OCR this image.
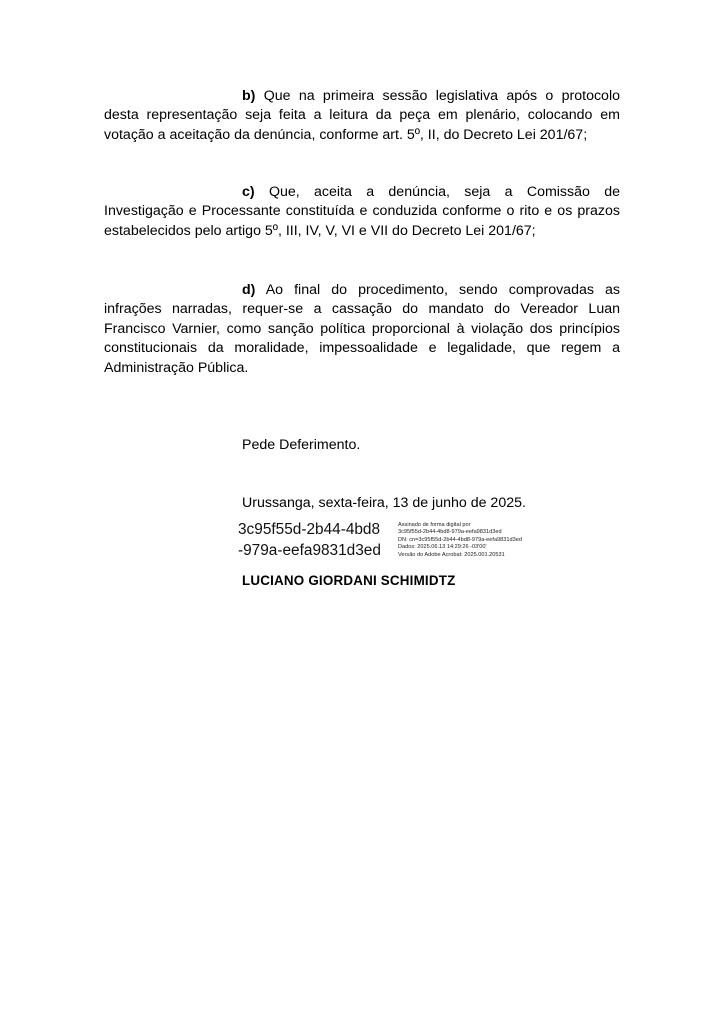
b) Que na primeira sessão legislativa após o protocolo desta representação seja feita a leitura da peça em plenário, colocando em votação a aceitação da denúncia, conforme art. 5º, II, do Decreto Lei 201/67;

c) Que, aceita a denúncia, seja a Comissão de Investigação e Processante constituída e conduzida conforme o rito e os prazos estabelecidos pelo artigo 5º, III, IV, V, VI e VII do Decreto Lei 201/67;

d) Ao final do procedimento, sendo comprovadas as infrações narradas, requer-se a cassação do mandato do Vereador Luan Francisco Varnier, como sanção política proporcional à violação dos princípios constitucionais da moralidade, impessoalidade e legalidade, que regem a Administração Pública.

Pede Deferimento.

Urussanga, sexta-feira, 13 de junho de 2025.

3c95f55d-2b44-4bd8
-979a-eefa9831d3ed
Assinado de forma digital por
3c95f55d-2b44-4bd8-979a-eefa9831d3ed
DN: cn=3c95f55d-2b44-4bd8-979a-eefa9831d3ed
Dados: 2025.06.13 14:29:26 -03'00'
Versão do Adobe Acrobat: 2025.001.20531

LUCIANO GIORDANI SCHIMIDTZ
